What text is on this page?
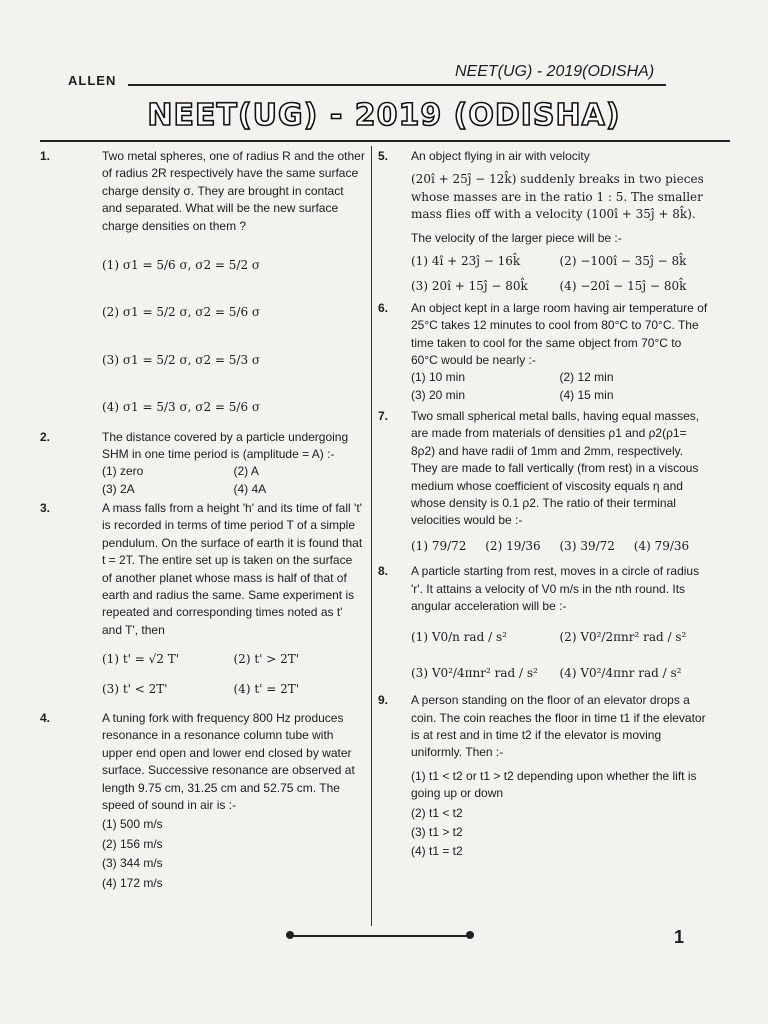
ALLEN
NEET(UG) - 2019(ODISHA)
NEET(UG) - 2019 (ODISHA)
1.	Two metal spheres, one of radius R and the other of radius 2R respectively have the same surface charge density σ. They are brought in contact and separated. What will be the new surface charge densities on them ?
(1) σ1 = 5/6 σ, σ2 = 5/2 σ
(2) σ1 = 5/2 σ, σ2 = 5/6 σ
(3) σ1 = 5/2 σ, σ2 = 5/3 σ
(4) σ1 = 5/3 σ, σ2 = 5/6 σ
2.	The distance covered by a particle undergoing SHM in one time period is (amplitude = A) :-
(1) zero	(2) A
(3) 2A	(4) 4A
3.	A mass falls from a height 'h' and its time of fall 't' is recorded in terms of time period T of a simple pendulum. On the surface of earth it is found that t = 2T. The entire set up is taken on the surface of another planet whose mass is half of that of earth and radius the same. Same experiment is repeated and corresponding times noted as t' and T', then
(1) t' = √2 T'	(2) t' > 2T'
(3) t' < 2T'	(4) t' = 2T'
4.	A tuning fork with frequency 800 Hz produces resonance in a resonance column tube with upper end open and lower end closed by water surface. Successive resonance are observed at length 9.75 cm, 31.25 cm and 52.75 cm. The speed of sound in air is :-
(1) 500 m/s
(2) 156 m/s
(3) 344 m/s
(4) 172 m/s
5. An object flying in air with velocity
(20î + 25ĵ − 12k̂) suddenly breaks in two pieces whose masses are in the ratio 1 : 5. The smaller mass flies off with a velocity (100î + 35ĵ + 8k̂).
The velocity of the larger piece will be :-
(1) 4î + 23ĵ − 16k̂	(2) −100î − 35ĵ − 8k̂
(3) 20î + 15ĵ − 80k̂	(4) −20î − 15ĵ − 80k̂
6. An object kept in a large room having air temperature of 25°C takes 12 minutes to cool from 80°C to 70°C. The time taken to cool for the same object from 70°C to 60°C would be nearly :-
(1) 10 min	(2) 12 min
(3) 20 min	(4) 15 min
7. Two small spherical metal balls, having equal masses, are made from materials of densities ρ1 and ρ2(ρ1= 8ρ2) and have radii of 1mm and 2mm, respectively. They are made to fall vertically (from rest) in a viscous medium whose coefficient of viscosity equals η and whose density is 0.1 ρ2. The ratio of their terminal velocities would be :-
(1) 79/72	(2) 19/36	(3) 39/72	(4) 79/36
8. A particle starting from rest, moves in a circle of radius 'r'. It attains a velocity of V0 m/s in the nth round. Its angular acceleration will be :-
(1) V0/n rad / s²	(2) V0²/2πnr² rad / s²
(3) V0²/4πnr² rad / s²	(4) V0²/4πnr rad / s²
9. A person standing on the floor of an elevator drops a coin. The coin reaches the floor in time t1 if the elevator is at rest and in time t2 if the elevator is moving uniformly. Then :-
(1) t1 < t2 or t1 > t2 depending upon whether the lift is going up or down
(2) t1 < t2
(3) t1 > t2
(4) t1 = t2
1
